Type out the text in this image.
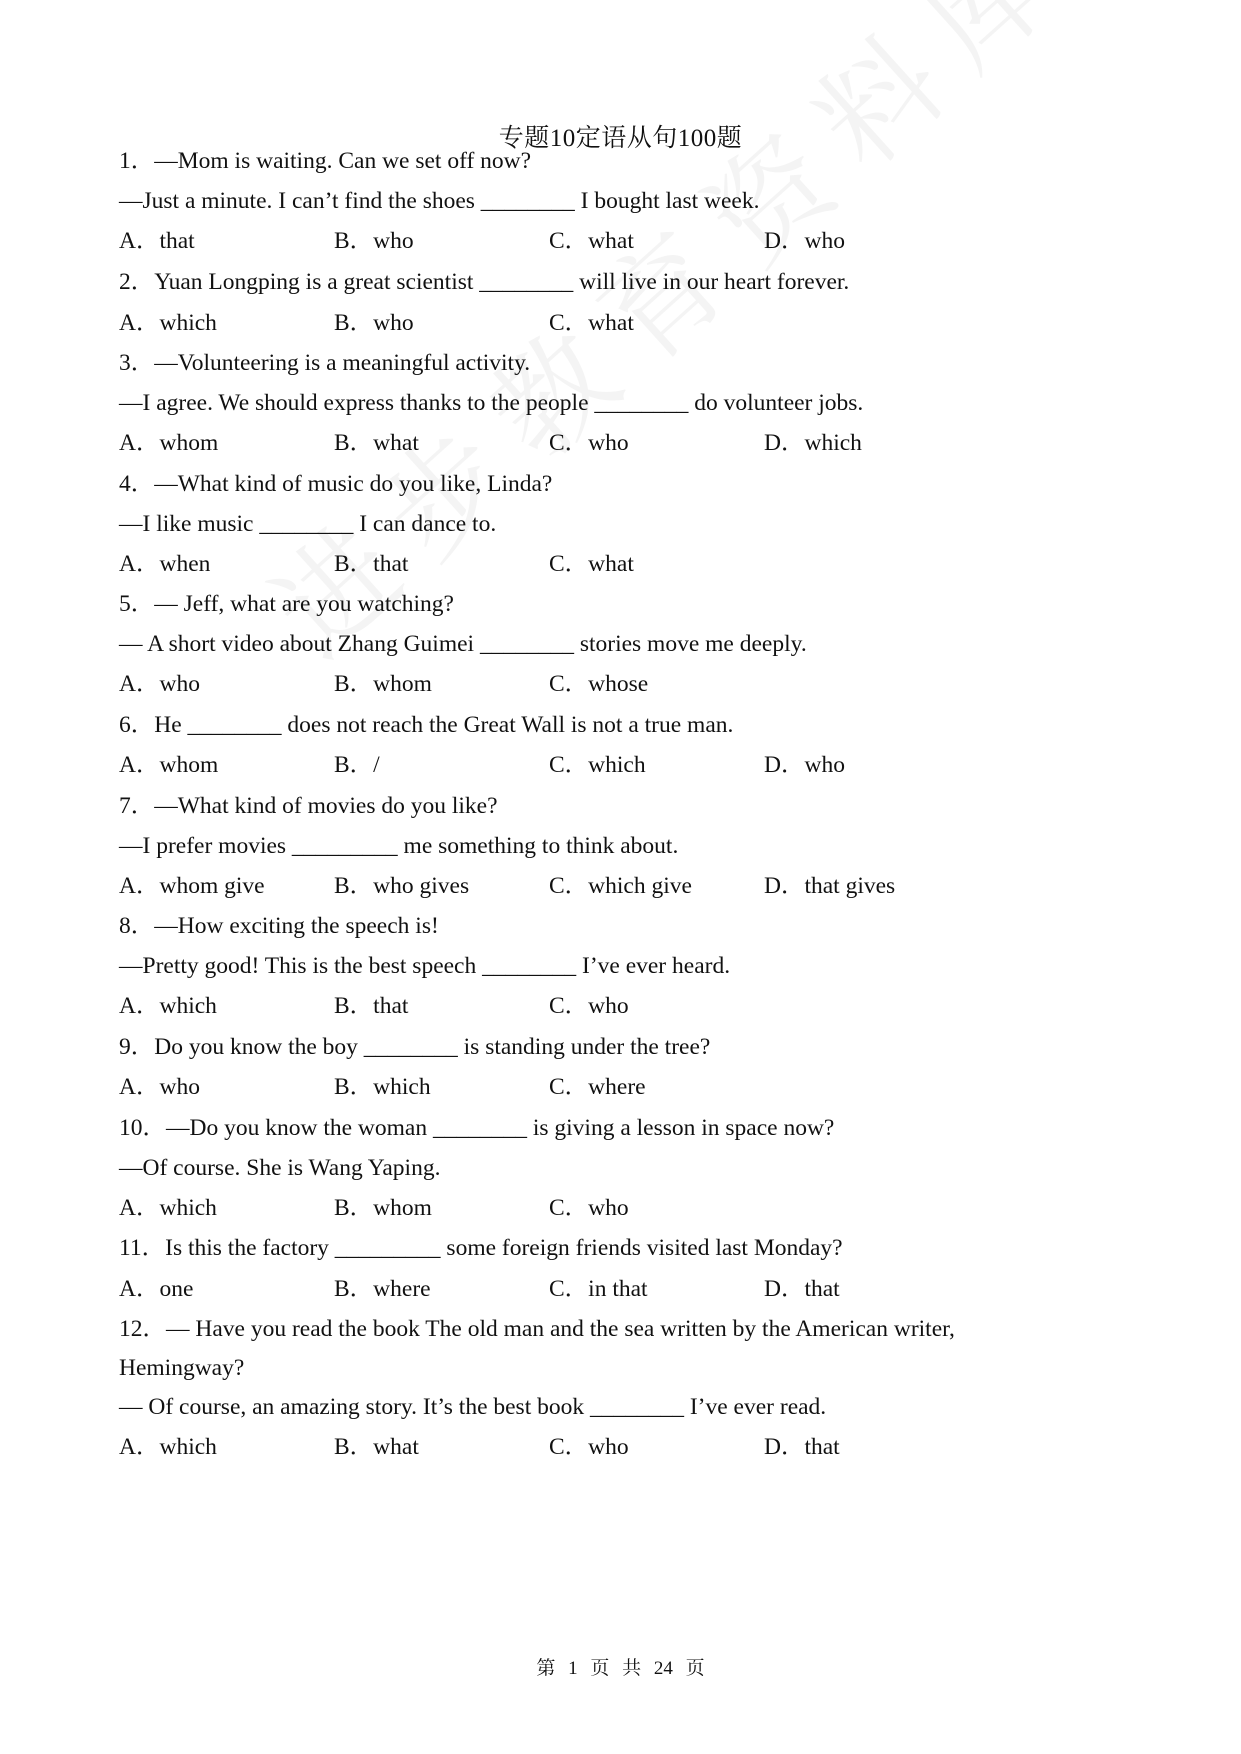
专题10定语从句100题
1．—Mom is waiting. Can we set off now?
—Just a minute. I can’t find the shoes ________ I bought last week.
A．that	B．who	C．what	D．who
2．Yuan Longping is a great scientist ________ will live in our heart forever.
A．which	B．who	C．what
3．—Volunteering is a meaningful activity.
—I agree. We should express thanks to the people ________ do volunteer jobs.
A．whom	B．what	C．who	D．which
4．—What kind of music do you like, Linda?
—I like music ________ I can dance to.
A．when	B．that	C．what
5．— Jeff, what are you watching?
— A short video about Zhang Guimei ________ stories move me deeply.
A．who	B．whom	C．whose
6．He ________ does not reach the Great Wall is not a true man.
A．whom	B．/	C．which	D．who
7．—What kind of movies do you like?
—I prefer movies _________ me something to think about.
A．whom give	B．who gives	C．which give	D．that gives
8．—How exciting the speech is!
—Pretty good! This is the best speech ________ I’ve ever heard.
A．which	B．that	C．who
9．Do you know the boy ________ is standing under the tree?
A．who	B．which	C．where
10．—Do you know the woman ________ is giving a lesson in space now?
—Of course. She is Wang Yaping.
A．which	B．whom	C．who
11．Is this the factory _________ some foreign friends visited last Monday?
A．one	B．where	C．in that	D．that
12．— Have you read the book The old man and the sea written by the American writer,
Hemingway?
— Of course, an amazing story. It’s the best book ________ I’ve ever read.
A．which	B．what	C．who	D．that
第 1 页 共 24 页
